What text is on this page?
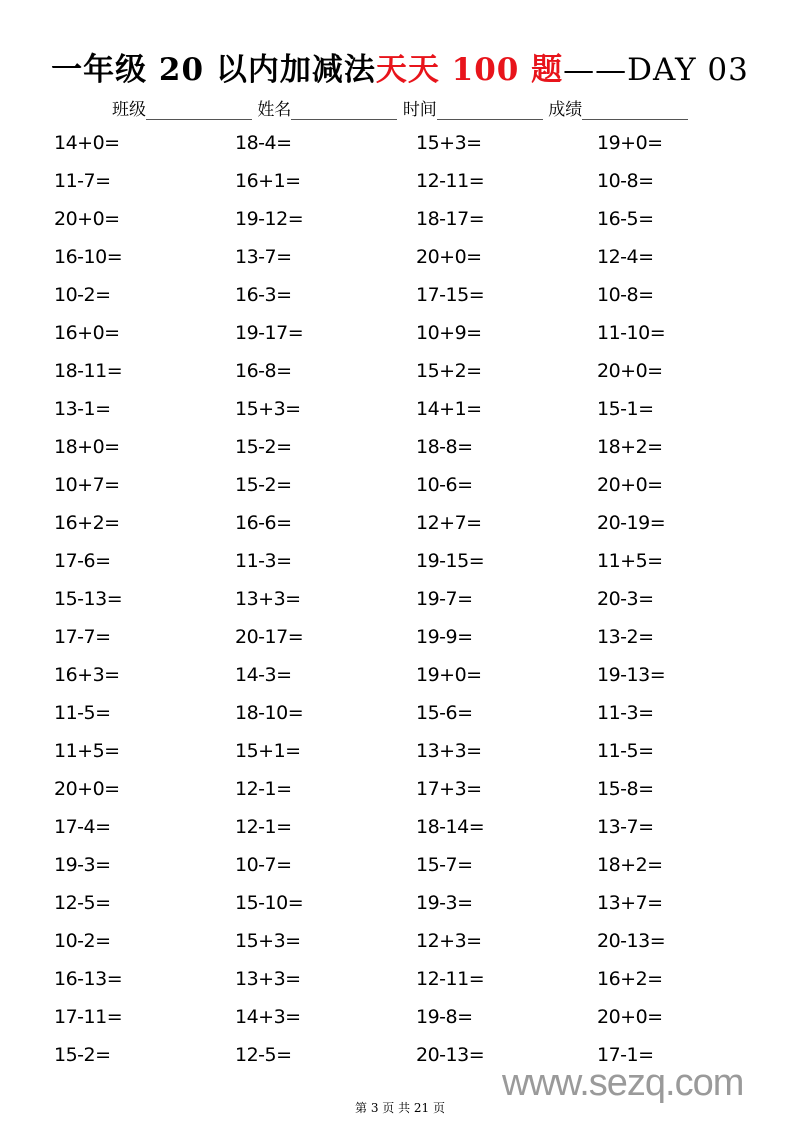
一年级 20 以内加减法天天 100 题——DAY 03
班级	姓名	时间	成绩
14+0=	18-4=	15+3=	19+0=
11-7=	16+1=	12-11=	10-8=
20+0=	19-12=	18-17=	16-5=
16-10=	13-7=	20+0=	12-4=
10-2=	16-3=	17-15=	10-8=
16+0=	19-17=	10+9=	11-10=
18-11=	16-8=	15+2=	20+0=
13-1=	15+3=	14+1=	15-1=
18+0=	15-2=	18-8=	18+2=
10+7=	15-2=	10-6=	20+0=
16+2=	16-6=	12+7=	20-19=
17-6=	11-3=	19-15=	11+5=
15-13=	13+3=	19-7=	20-3=
17-7=	20-17=	19-9=	13-2=
16+3=	14-3=	19+0=	19-13=
11-5=	18-10=	15-6=	11-3=
11+5=	15+1=	13+3=	11-5=
20+0=	12-1=	17+3=	15-8=
17-4=	12-1=	18-14=	13-7=
19-3=	10-7=	15-7=	18+2=
12-5=	15-10=	19-3=	13+7=
10-2=	15+3=	12+3=	20-13=
16-13=	13+3=	12-11=	16+2=
17-11=	14+3=	19-8=	20+0=
15-2=	12-5=	20-13=	17-1=
www.sezq.com
第 3 页 共 21 页
